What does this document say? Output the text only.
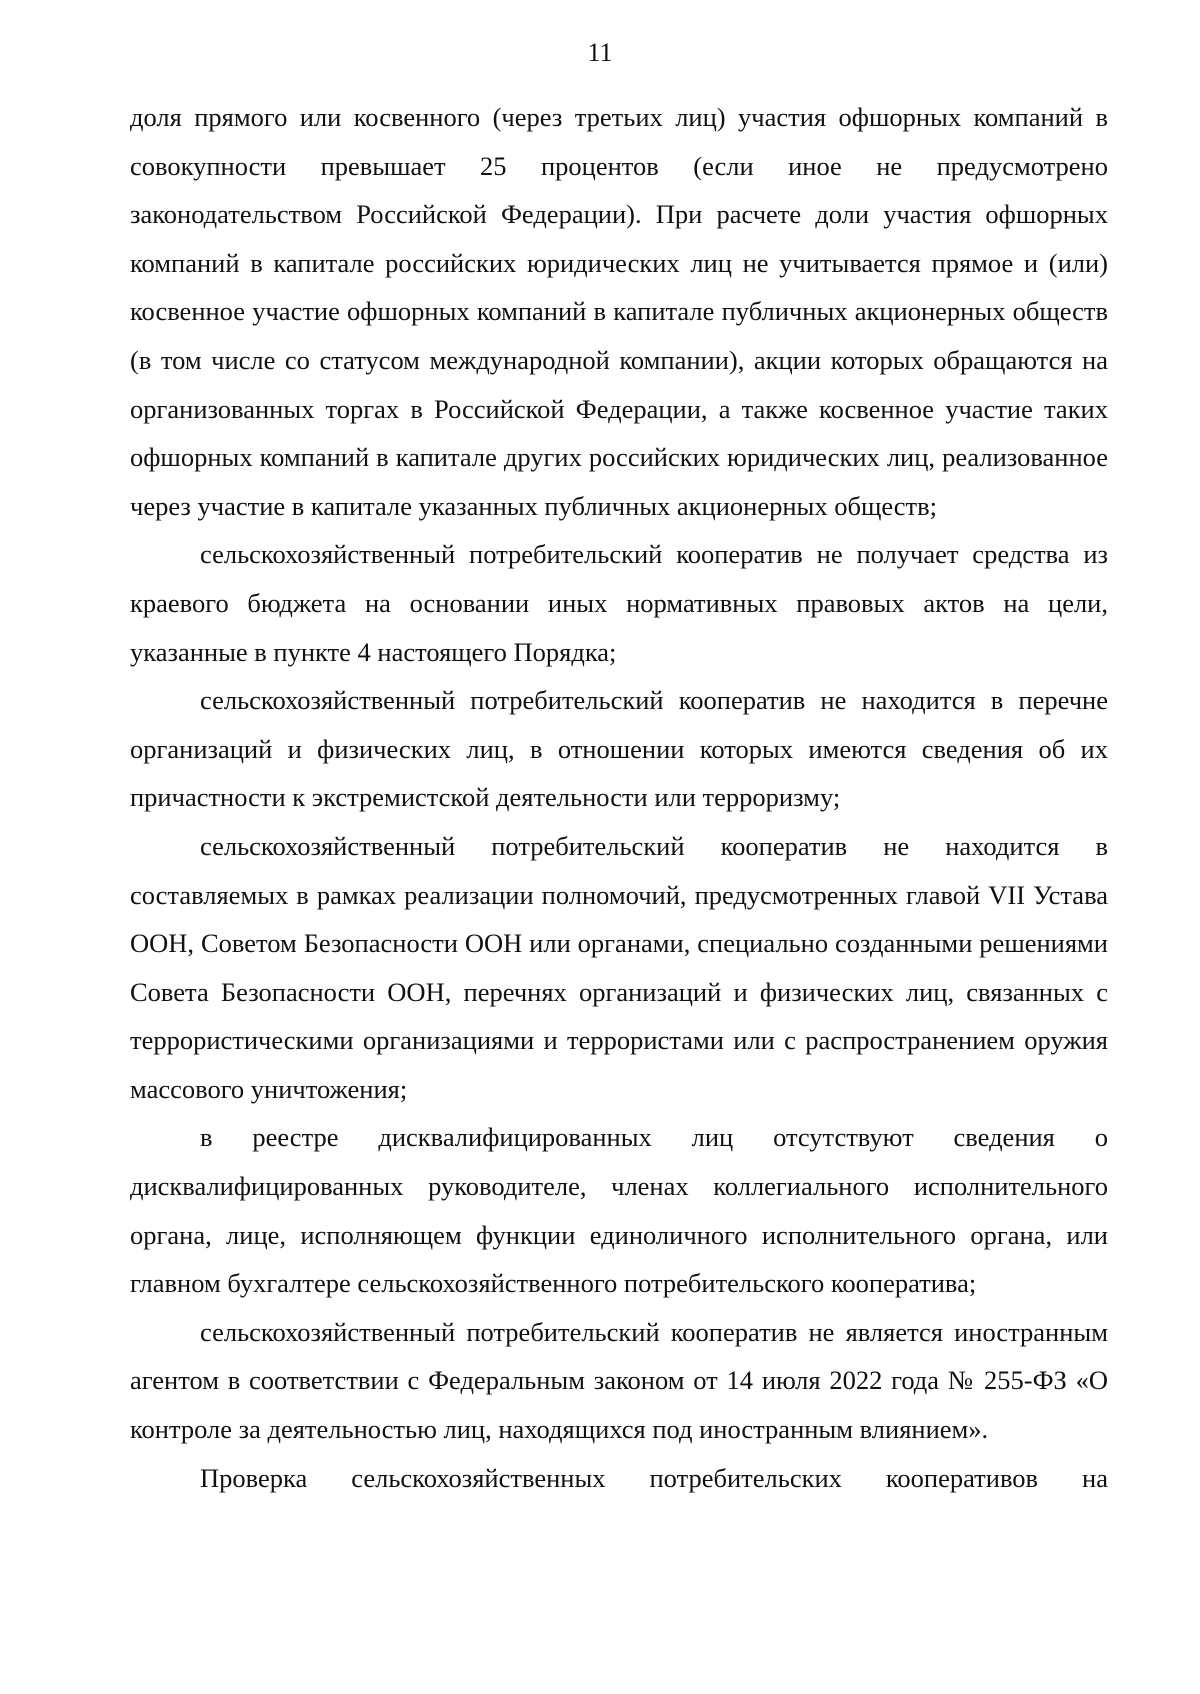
11

доля прямого или косвенного (через третьих лиц) участия офшорных компаний в совокупности превышает 25 процентов (если иное не предусмотрено законодательством Российской Федерации). При расчете доли участия офшорных компаний в капитале российских юридических лиц не учитывается прямое и (или) косвенное участие офшорных компаний в капитале публичных акционерных обществ (в том числе со статусом международной компании), акции которых обращаются на организованных торгах в Российской Федерации, а также косвенное участие таких офшорных компаний в капитале других российских юридических лиц, реализованное через участие в капитале указанных публичных акционерных обществ;

сельскохозяйственный потребительский кооператив не получает средства из краевого бюджета на основании иных нормативных правовых актов на цели, указанные в пункте 4 настоящего Порядка;

сельскохозяйственный потребительский кооператив не находится в перечне организаций и физических лиц, в отношении которых имеются сведения об их причастности к экстремистской деятельности или терроризму;

сельскохозяйственный потребительский кооператив не находится в составляемых в рамках реализации полномочий, предусмотренных главой VII Устава ООН, Советом Безопасности ООН или органами, специально созданными решениями Совета Безопасности ООН, перечнях организаций и физических лиц, связанных с террористическими организациями и террористами или с распространением оружия массового уничтожения;

в реестре дисквалифицированных лиц отсутствуют сведения о дисквалифицированных руководителе, членах коллегиального исполнительного органа, лице, исполняющем функции единоличного исполнительного органа, или главном бухгалтере сельскохозяйственного потребительского кооператива;

сельскохозяйственный потребительский кооператив не является иностранным агентом в соответствии с Федеральным законом от 14 июля 2022 года № 255-ФЗ «О контроле за деятельностью лиц, находящихся под иностранным влиянием».

Проверка сельскохозяйственных потребительских кооперативов на
